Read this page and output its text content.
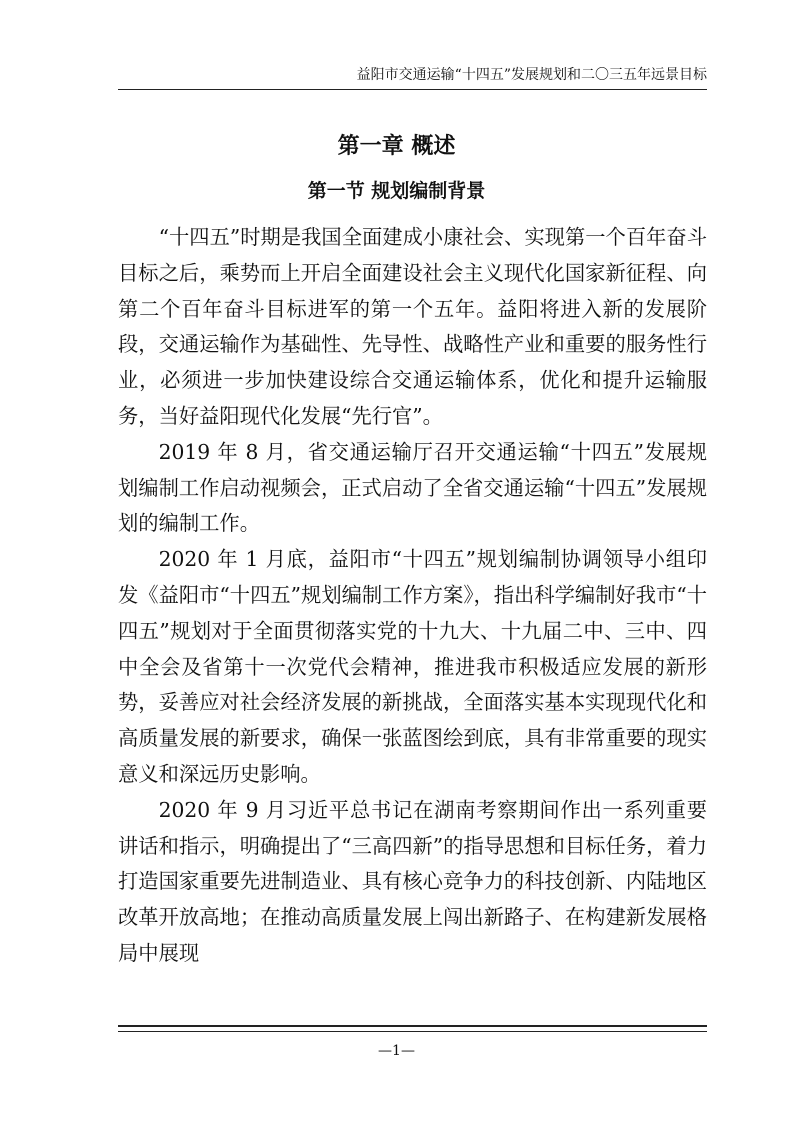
益阳市交通运输“十四五”发展规划和二〇三五年远景目标
第一章 概述
第一节 规划编制背景

“十四五”时期是我国全面建成小康社会、实现第一个百年奋斗目标之后，乘势而上开启全面建设社会主义现代化国家新征程、向第二个百年奋斗目标进军的第一个五年。益阳将进入新的发展阶段，交通运输作为基础性、先导性、战略性产业和重要的服务性行业，必须进一步加快建设综合交通运输体系，优化和提升运输服务，当好益阳现代化发展“先行官”。

2019 年 8 月，省交通运输厅召开交通运输“十四五”发展规划编制工作启动视频会，正式启动了全省交通运输“十四五”发展规划的编制工作。

2020 年 1 月底，益阳市“十四五”规划编制协调领导小组印发《益阳市“十四五”规划编制工作方案》，指出科学编制好我市“十四五”规划对于全面贯彻落实党的十九大、十九届二中、三中、四中全会及省第十一次党代会精神，推进我市积极适应发展的新形势，妥善应对社会经济发展的新挑战，全面落实基本实现现代化和高质量发展的新要求，确保一张蓝图绘到底，具有非常重要的现实意义和深远历史影响。

2020 年 9 月习近平总书记在湖南考察期间作出一系列重要讲话和指示，明确提出了“三高四新”的指导思想和目标任务，着力打造国家重要先进制造业、具有核心竞争力的科技创新、内陆地区改革开放高地；在推动高质量发展上闯出新路子、在构建新发展格局中展现

—1—
